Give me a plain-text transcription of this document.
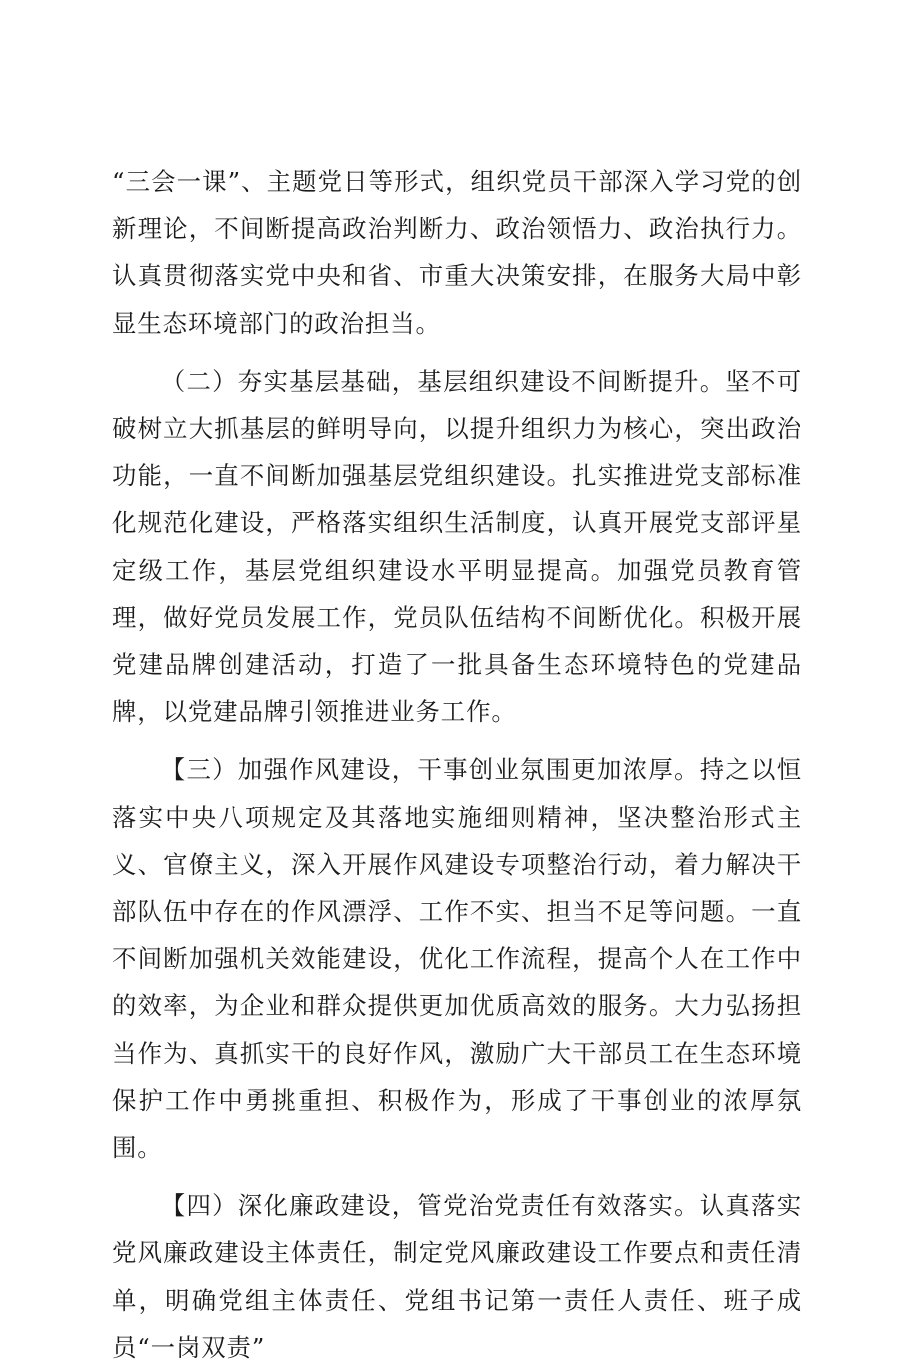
“三会一课”、主题党日等形式，组织党员干部深入学习党的创新理论，不间断提高政治判断力、政治领悟力、政治执行力。认真贯彻落实党中央和省、市重大决策安排，在服务大局中彰显生态环境部门的政治担当。

（二）夯实基层基础，基层组织建设不间断提升。坚不可破树立大抓基层的鲜明导向，以提升组织力为核心，突出政治功能，一直不间断加强基层党组织建设。扎实推进党支部标准化规范化建设，严格落实组织生活制度，认真开展党支部评星定级工作，基层党组织建设水平明显提高。加强党员教育管理，做好党员发展工作，党员队伍结构不间断优化。积极开展党建品牌创建活动，打造了一批具备生态环境特色的党建品牌，以党建品牌引领推进业务工作。

【三）加强作风建设，干事创业氛围更加浓厚。持之以恒落实中央八项规定及其落地实施细则精神，坚决整治形式主义、官僚主义，深入开展作风建设专项整治行动，着力解决干部队伍中存在的作风漂浮、工作不实、担当不足等问题。一直不间断加强机关效能建设，优化工作流程，提高个人在工作中的效率，为企业和群众提供更加优质高效的服务。大力弘扬担当作为、真抓实干的良好作风，激励广大干部员工在生态环境保护工作中勇挑重担、积极作为，形成了干事创业的浓厚氛围。

【四）深化廉政建设，管党治党责任有效落实。认真落实党风廉政建设主体责任，制定党风廉政建设工作要点和责任清单，明确党组主体责任、党组书记第一责任人责任、班子成员“一岗双责”
